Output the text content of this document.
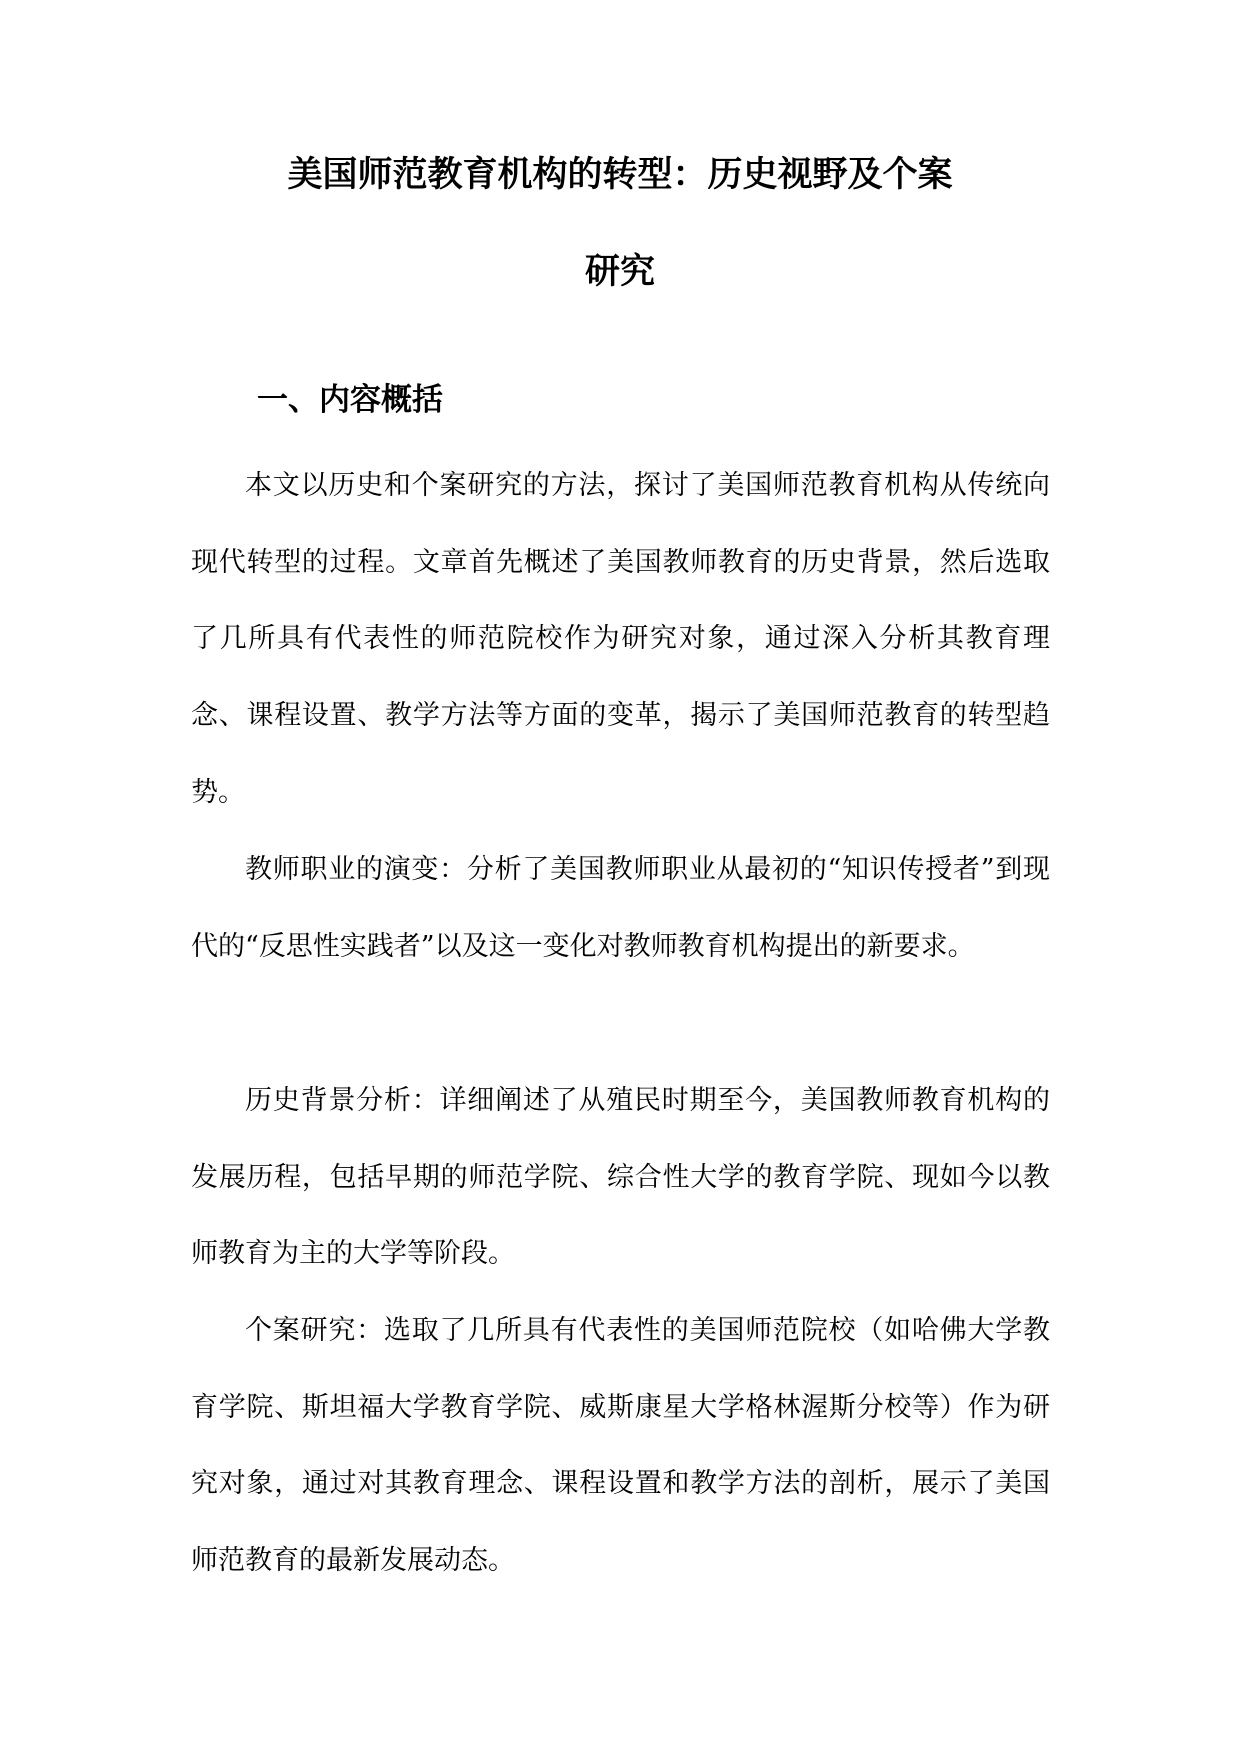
美国师范教育机构的转型：历史视野及个案
研究
一、内容概括

本文以历史和个案研究的方法，探讨了美国师范教育机构从传统向现代转型的过程。文章首先概述了美国教师教育的历史背景，然后选取了几所具有代表性的师范院校作为研究对象，通过深入分析其教育理念、课程设置、教学方法等方面的变革，揭示了美国师范教育的转型趋势。

教师职业的演变：分析了美国教师职业从最初的“知识传授者”到现代的“反思性实践者”以及这一变化对教师教育机构提出的新要求。

历史背景分析：详细阐述了从殖民时期至今，美国教师教育机构的发展历程，包括早期的师范学院、综合性大学的教育学院、现如今以教师教育为主的大学等阶段。

个案研究：选取了几所具有代表性的美国师范院校（如哈佛大学教育学院、斯坦福大学教育学院、威斯康星大学格林渥斯分校等）作为研究对象，通过对其教育理念、课程设置和教学方法的剖析，展示了美国师范教育的最新发展动态。
